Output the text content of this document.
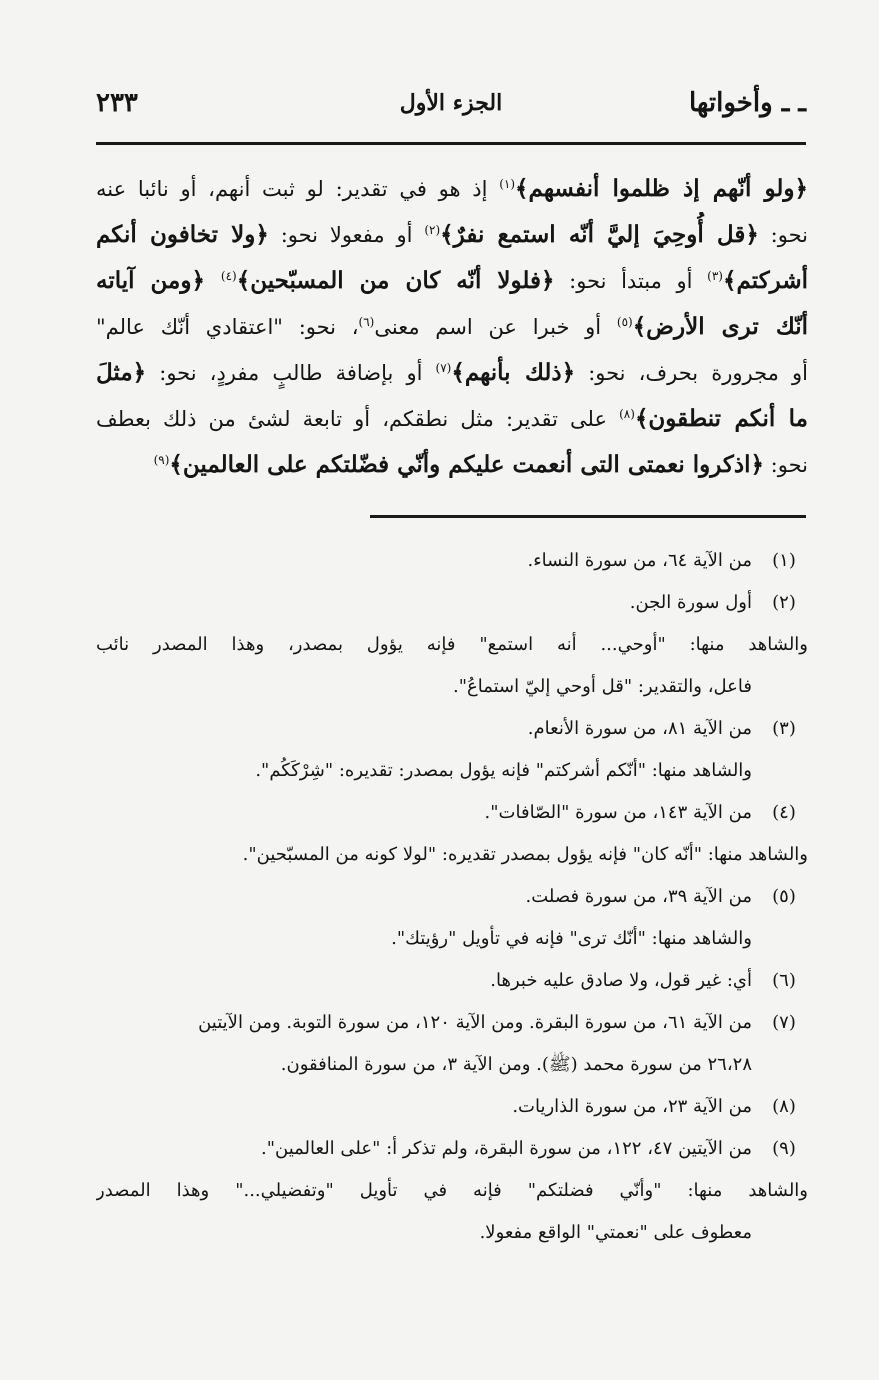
ـ ـ وأخواتها
الجزء الأول
٢٣٣
﴿ولو أنّهم إذ ظلموا أنفسهم﴾$^{(١)}$ إذ هو في تقدير: لو ثبت أنهم، أو نائبا عنه
نحو: ﴿قل أُوحِيَ إليَّ أنّه استمع نفرٌ﴾$^{(٢)}$ أو مفعولا نحو: ﴿ولا تخافون أنكم
أشركتم﴾$^{(٣)}$ أو مبتدأ نحو: ﴿فلولا أنّه كان من المسبّحين﴾$^{(٤)}$ ﴿ومن آياته
أنّك ترى الأرض﴾$^{(٥)}$ أو خبرا عن اسم معنى$^{(٦)}$، نحو: "اعتقادي أنّك عالم"
أو مجرورة بحرف، نحو: ﴿ذلك بأنهم﴾$^{(٧)}$ أو بإضافة طالبٍ مفردٍ، نحو: ﴿مثلَ
ما أنكم تنطقون﴾$^{(٨)}$ على تقدير: مثل نطقكم، أو تابعة لشئ من ذلك بعطف
نحو: ﴿اذكروا نعمتى التى أنعمت عليكم وأنّي فضّلتكم على العالمين﴾$^{(٩)}$
(١)من الآية ٦٤، من سورة النساء.
(٢)أول سورة الجن.
والشاهد منها: "أوحي... أنه استمع" فإنه يؤول بمصدر، وهذا المصدر نائب
فاعل، والتقدير: "قل أوحي إليّ استماعُ".
(٣)من الآية ٨١، من سورة الأنعام.
والشاهد منها: "أنّكم أشركتم" فإنه يؤول بمصدر: تقديره: "شِرْكَكُم".
(٤)من الآية ١٤٣، من سورة "الصّافات".
والشاهد منها: "أنّه كان" فإنه يؤول بمصدر تقديره: "لولا كونه من المسبّحين".
(٥)من الآية ٣٩، من سورة فصلت.
والشاهد منها: "أنّك ترى" فإنه في تأويل "رؤيتك".
(٦)أي: غير قول، ولا صادق عليه خبرها.
(٧)من الآية ٦١، من سورة البقرة. ومن الآية ١٢٠، من سورة التوبة. ومن الآيتين
٢٦،٢٨ من سورة محمد (ﷺ). ومن الآية ٣، من سورة المنافقون.
(٨)من الآية ٢٣، من سورة الذاريات.
(٩)من الآيتين ٤٧، ١٢٢، من سورة البقرة، ولم تذكر أ: "على العالمين".
والشاهد منها: "وأنّي فضلتكم" فإنه في تأويل "وتفضيلي..." وهذا المصدر
معطوف على "نعمتي" الواقع مفعولا.
